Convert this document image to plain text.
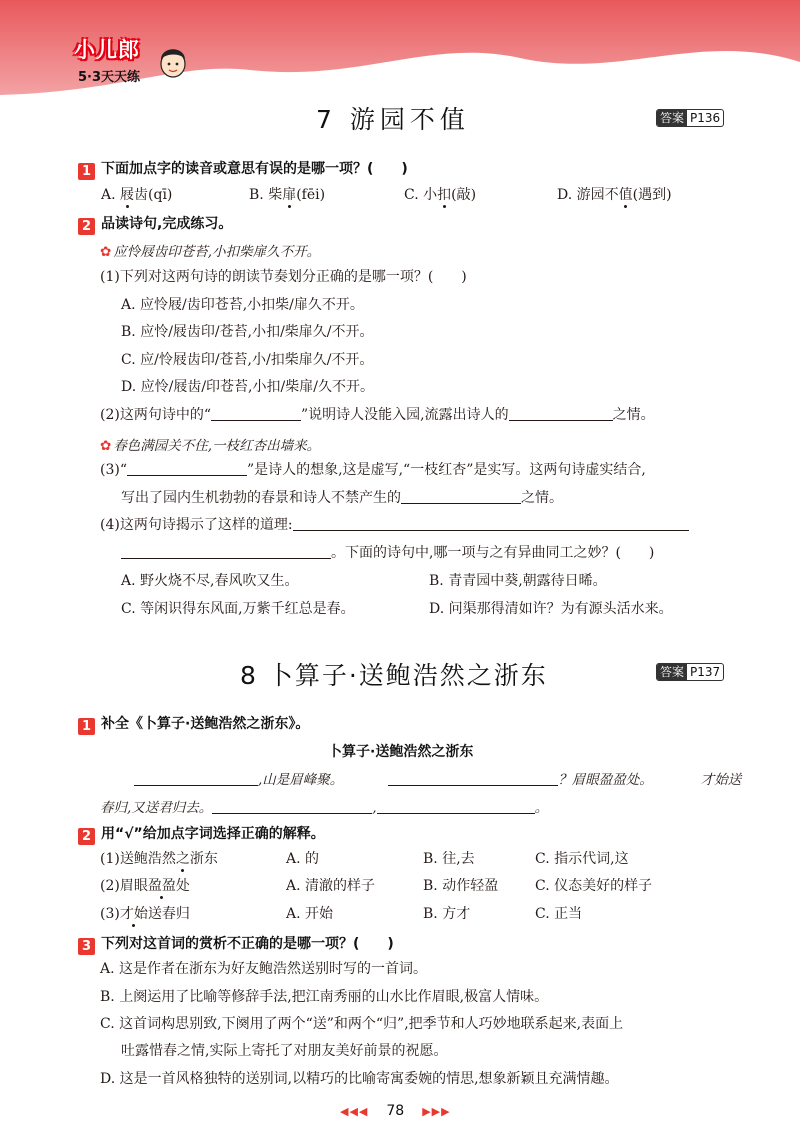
小儿郎
5·3天天练
7 游园不值	答案 P136
1 下面加点字的读音或意思有误的是哪一项？(　　)
A. 屐齿(qī)	B. 柴扉(fēi)	C. 小扣(敲)	D. 游园不值(遇到)
2 品读诗句,完成练习。
✿ 应怜屐齿印苍苔,小扣柴扉久不开。
(1)下列对这两句诗的朗读节奏划分正确的是哪一项？(　　)
A. 应怜屐/齿印苍苔,小扣柴/扉久不开。
B. 应怜/屐齿印/苍苔,小扣/柴扉久/不开。
C. 应/怜屐齿印/苍苔,小/扣柴扉久/不开。
D. 应怜/屐齿/印苍苔,小扣/柴扉/久不开。
(2)这两句诗中的“	”说明诗人没能入园,流露出诗人的	之情。
✿ 春色满园关不住,一枝红杏出墙来。
(3)“	”是诗人的想象,这是虚写,“一枝红杏”是实写。这两句诗虚实结合,
写出了园内生机勃勃的春景和诗人不禁产生的	之情。
(4)这两句诗揭示了这样的道理:
。下面的诗句中,哪一项与之有异曲同工之妙？(　　)
A. 野火烧不尽,春风吹又生。	B. 青青园中葵,朝露待日晞。
C. 等闲识得东风面,万紫千红总是春。	D. 问渠那得清如许？为有源头活水来。
8 卜算子·送鲍浩然之浙东	答案 P137
1 补全《卜算子·送鲍浩然之浙东》。
卜算子·送鲍浩然之浙东
,山是眉峰聚。	？眉眼盈盈处。	才始送
春归,又送君归去。	,	。
2 用“√”给加点字词选择正确的解释。
(1)送鲍浩然之浙东	A. 的	B. 往,去	C. 指示代词,这
(2)眉眼盈盈处	A. 清澈的样子	B. 动作轻盈	C. 仪态美好的样子
(3)才始送春归	A. 开始	B. 方才	C. 正当
3 下列对这首词的赏析不正确的是哪一项？(　　)
A. 这是作者在浙东为好友鲍浩然送别时写的一首词。
B. 上阕运用了比喻等修辞手法,把江南秀丽的山水比作眉眼,极富人情味。
C. 这首词构思别致,下阕用了两个“送”和两个“归”,把季节和人巧妙地联系起来,表面上
吐露惜春之情,实际上寄托了对朋友美好前景的祝愿。
D. 这是一首风格独特的送别词,以精巧的比喻寄寓委婉的情思,想象新颖且充满情趣。
◀◀◀ 78 ▶▶▶
